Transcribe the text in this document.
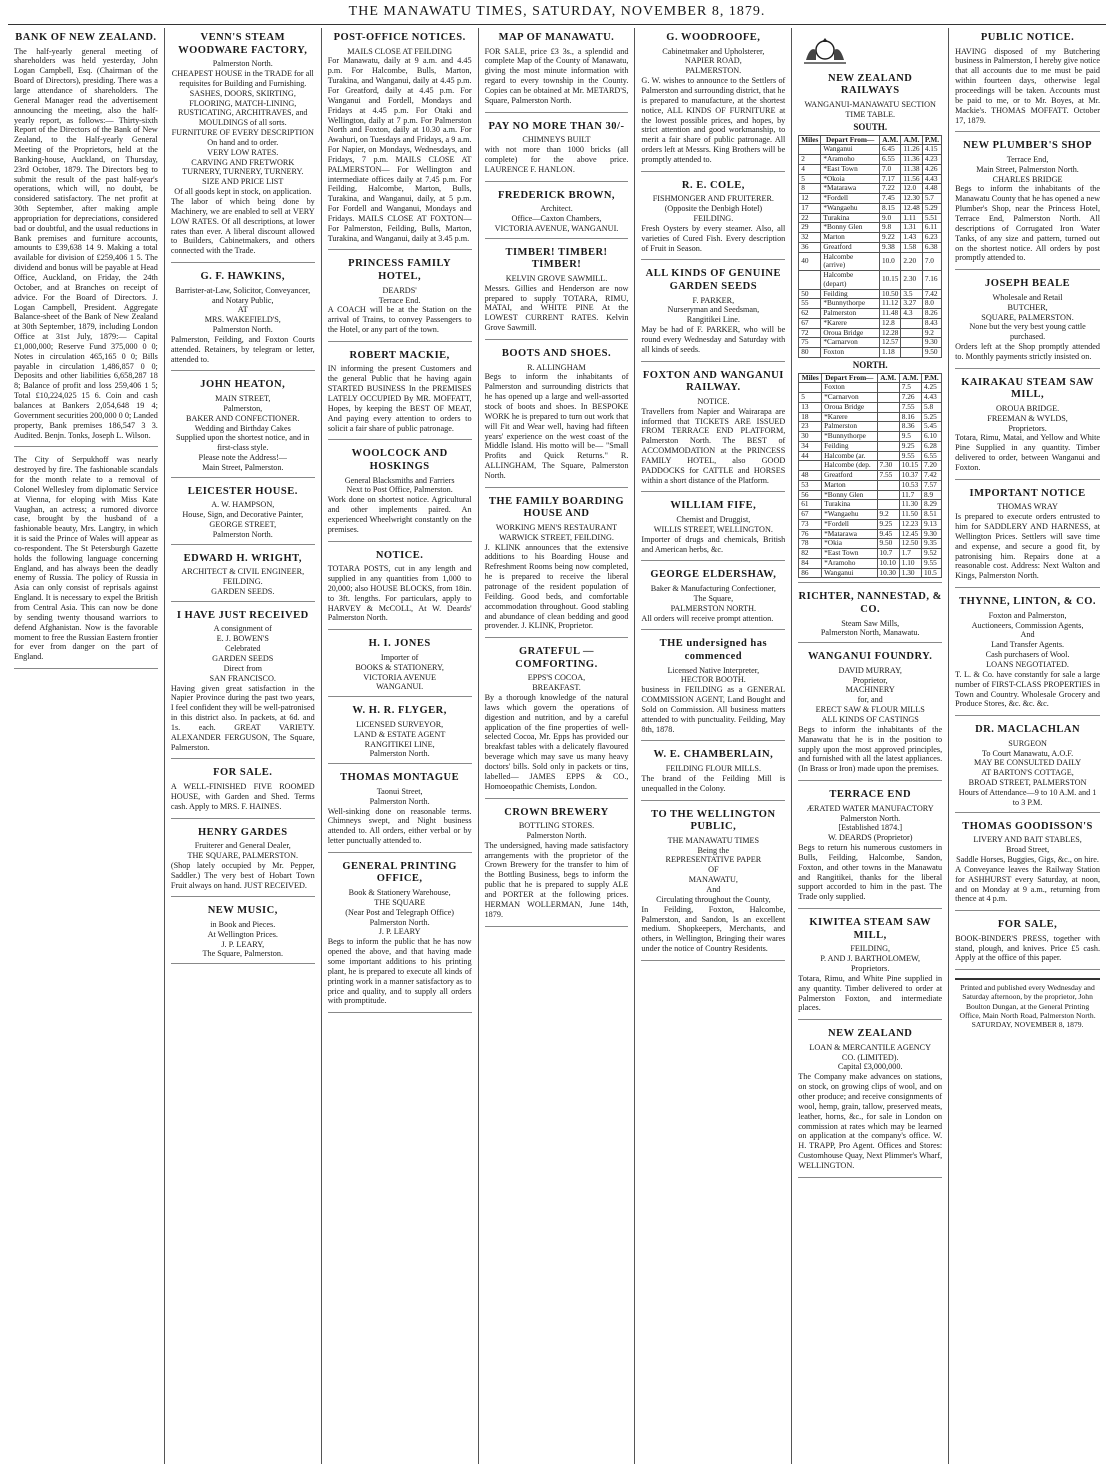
THE MANAWATU TIMES, SATURDAY, NOVEMBER 8, 1879.
BANK OF NEW ZEALAND.

The half-yearly general meeting of shareholders was held yesterday, John Logan Campbell, Esq. (Chairman of the Board of Directors), presiding. There was a large attendance of shareholders. The General Manager read the advertisement announcing the meeting, also the half-yearly report, as follows:— Thirty-sixth Report of the Directors of the Bank of New Zealand, to the Half-yearly General Meeting of the Proprietors, held at the Banking-house, Auckland, on Thursday, 23rd October, 1879. The Directors beg to submit the result of the past half-year's operations, which will, no doubt, be considered satisfactory. The net profit at 30th September, after making ample appropriation for depreciations, considered bad or doubtful, and the usual reductions in Bank premises and furniture accounts, amounts to £39,638 14 9. Making a total available for division of £259,406 1 5. The dividend and bonus will be payable at Head Office, Auckland, on Friday, the 24th October, and at Branches on receipt of advice. For the Board of Directors. J. Logan Campbell, President. Aggregate Balance-sheet of the Bank of New Zealand at 30th September, 1879, including London Office at 31st July, 1879:— Capital £1,000,000; Reserve Fund 375,000 0 0; Notes in circulation 465,165 0 0; Bills payable in circulation 1,486,857 0 0; Deposits and other liabilities 6,658,287 18 8; Balance of profit and loss 259,406 1 5; Total £10,224,025 15 6. Coin and cash balances at Bankers 2,054,648 19 4; Government securities 200,000 0 0; Landed property, Bank premises 186,547 3 3. Audited. Benjn. Tonks, Joseph L. Wilson.

The City of Serpukhoff was nearly destroyed by fire. The fashionable scandals for the month relate to a removal of Colonel Wellesley from diplomatic Service at Vienna, for eloping with Miss Kate Vaughan, an actress; a rumored divorce case, brought by the husband of a fashionable beauty, Mrs. Langtry, in which it is said the Prince of Wales will appear as co-respondent. The St Petersburgh Gazette holds the following language concerning England, and has always been the deadly enemy of Russia. The policy of Russia in Asia can only consist of reprisals against England. It is necessary to expel the British from Central Asia. This can now be done by sending twenty thousand warriors to defend Afghanistan. Now is the favorable moment to free the Russian Eastern frontier for ever from danger on the part of England.

VENN'S STEAM WOODWARE FACTORY,
Palmerston North.
CHEAPEST HOUSE in the TRADE for all requisites for Building and Furnishing.
SASHES, DOORS, SKIRTING, FLOORING, MATCH-LINING, RUSTICATING, ARCHITRAVES, and MOULDINGS of all sorts.
FURNITURE OF EVERY DESCRIPTION
On hand and to order.
VERY LOW RATES.
CARVING AND FRETWORK
TURNERY, TURNERY, TURNERY.
SIZE AND PRICE LIST
Of all goods kept in stock, on application.

The labor of which being done by Machinery, we are enabled to sell at VERY LOW RATES. Of all descriptions, at lower rates than ever. A liberal discount allowed to Builders, Cabinetmakers, and others connected with the Trade.

G. F. HAWKINS,
Barrister-at-Law, Solicitor, Conveyancer, and Notary Public,
AT
MRS. WAKEFIELD'S,
Palmerston North.

Palmerston, Feilding, and Foxton Courts attended. Retainers, by telegram or letter, attended to.

JOHN HEATON,
MAIN STREET,
Palmerston,
BAKER AND CONFECTIONER.
Wedding and Birthday Cakes
Supplied upon the shortest notice, and in first-class style.
Please note the Address!—
Main Street, Palmerston.
LEICESTER HOUSE.
A. W. HAMPSON,
House, Sign, and Decorative Painter,
GEORGE STREET,
Palmerston North.
EDWARD H. WRIGHT,
ARCHITECT & CIVIL ENGINEER,
FEILDING.
GARDEN SEEDS.
I HAVE JUST RECEIVED
A consignment of
E. J. BOWEN'S
Celebrated
GARDEN SEEDS
Direct from
SAN FRANCISCO.

Having given great satisfaction in the Napier Province during the past two years, I feel confident they will be well-patronised in this district also. In packets, at 6d. and 1s. each. GREAT VARIETY. ALEXANDER FERGUSON, The Square, Palmerston.

FOR SALE.

A WELL-FINISHED FIVE ROOMED HOUSE, with Garden and Shed. Terms cash. Apply to MRS. F. HAINES.

HENRY GARDES
Fruiterer and General Dealer,
THE SQUARE, PALMERSTON.

(Shop lately occupied by Mr. Pepper, Saddler.) The very best of Hobart Town Fruit always on hand. JUST RECEIVED.

NEW MUSIC,
in Book and Pieces.
At Wellington Prices.
J. P. LEARY,
The Square, Palmerston.
POST-OFFICE NOTICES.
MAILS CLOSE AT FEILDING

For Manawatu, daily at 9 a.m. and 4.45 p.m. For Halcombe, Bulls, Marton, Turakina, and Wanganui, daily at 4.45 p.m. For Greatford, daily at 4.45 p.m. For Wanganui and Fordell, Mondays and Fridays at 4.45 p.m. For Otaki and Wellington, daily at 7 p.m. For Palmerston North and Foxton, daily at 10.30 a.m. For Awahuri, on Tuesdays and Fridays, a 9 a.m. For Napier, on Mondays, Wednesdays, and Fridays, 7 p.m. MAILS CLOSE AT PALMERSTON— For Wellington and intermediate offices daily at 7.45 p.m. For Feilding, Halcombe, Marton, Bulls, Turakina, and Wanganui, daily, at 5 p.m. For Fordell and Wanganui, Mondays and Fridays. MAILS CLOSE AT FOXTON— For Palmerston, Feilding, Bulls, Marton, Turakina, and Wanganui, daily at 3.45 p.m.

PRINCESS FAMILY HOTEL,
DEARDS'
Terrace End.

A COACH will be at the Station on the arrival of Trains, to convey Passengers to the Hotel, or any part of the town.

ROBERT MACKIE,

IN informing the present Customers and the general Public that he having again STARTED BUSINESS In the PREMISES LATELY OCCUPIED By MR. MOFFATT, Hopes, by keeping the BEST OF MEAT, And paying every attention to orders to solicit a fair share of public patronage.

WOOLCOCK AND HOSKINGS
General Blacksmiths and Farriers
Next to Post Office, Palmerston.

Work done on shortest notice. Agricultural and other implements paired. An experienced Wheelwright constantly on the premises.

NOTICE.

TOTARA POSTS, cut in any length and supplied in any quantities from 1,000 to 20,000; also HOUSE BLOCKS, from 18in. to 3ft. lengths. For particulars, apply to HARVEY & McCOLL, At W. Deards' Palmerston North.

H. I. JONES
Importer of
BOOKS & STATIONERY,
VICTORIA AVENUE
WANGANUI.
W. H. R. FLYGER,
LICENSED SURVEYOR,
LAND & ESTATE AGENT
RANGITIKEI LINE,
Palmerston North.
THOMAS MONTAGUE
Taonui Street,
Palmerston North.

Well-sinking done on reasonable terms. Chimneys swept, and Night business attended to. All orders, either verbal or by letter punctually attended to.

GENERAL PRINTING OFFICE,
Book & Stationery Warehouse,
THE SQUARE
(Near Post and Telegraph Office)
Palmerston North.
J. P. LEARY

Begs to inform the public that he has now opened the above, and that having made some important additions to his printing plant, he is prepared to execute all kinds of printing work in a manner satisfactory as to price and quality, and to supply all orders with promptitude.

MAP OF MANAWATU.

FOR SALE, price £3 3s., a splendid and complete Map of the County of Manawatu, giving the most minute information with regard to every township in the County. Copies can be obtained at Mr. METARD'S, Square, Palmerston North.

PAY NO MORE THAN 30/-
CHIMNEYS BUILT

with not more than 1000 bricks (all complete) for the above price. LAURENCE F. HANLON.

FREDERICK BROWN,
Architect.
Office—Caxton Chambers,
VICTORIA AVENUE, WANGANUI.
TIMBER! TIMBER! TIMBER!
KELVIN GROVE SAWMILL.

Messrs. Gillies and Henderson are now prepared to supply TOTARA, RIMU, MATAI, and WHITE PINE At the LOWEST CURRENT RATES. Kelvin Grove Sawmill.

BOOTS AND SHOES.
R. ALLINGHAM

Begs to inform the inhabitants of Palmerston and surrounding districts that he has opened up a large and well-assorted stock of boots and shoes. In BESPOKE WORK he is prepared to turn out work that will Fit and Wear well, having had fifteen years' experience on the west coast of the Middle Island. His motto will be— "Small Profits and Quick Returns." R. ALLINGHAM, The Square, Palmerston North.

THE FAMILY BOARDING HOUSE AND
WORKING MEN'S RESTAURANT
WARWICK STREET, FEILDING.

J. KLINK announces that the extensive additions to his Boarding House and Refreshment Rooms being now completed, he is prepared to receive the liberal patronage of the resident population of Feilding. Good beds, and comfortable accommodation throughout. Good stabling and abundance of clean bedding and good provender. J. KLINK, Proprietor.

GRATEFUL — COMFORTING.
EPPS'S COCOA,
BREAKFAST.

By a thorough knowledge of the natural laws which govern the operations of digestion and nutrition, and by a careful application of the fine properties of well-selected Cocoa, Mr. Epps has provided our breakfast tables with a delicately flavoured beverage which may save us many heavy doctors' bills. Sold only in packets or tins, labelled— JAMES EPPS & CO., Homoeopathic Chemists, London.

CROWN BREWERY
BOTTLING STORES.
Palmerston North.

The undersigned, having made satisfactory arrangements with the proprietor of the Crown Brewery for the transfer to him of the Bottling Business, begs to inform the public that he is prepared to supply ALE and PORTER at the following prices. HERMAN WOLLERMAN, June 14th, 1879.

G. WOODROOFE,
Cabinetmaker and Upholsterer,
NAPIER ROAD,
PALMERSTON.

G. W. wishes to announce to the Settlers of Palmerston and surrounding district, that he is prepared to manufacture, at the shortest notice, ALL KINDS OF FURNITURE at the lowest possible prices, and hopes, by strict attention and good workmanship, to merit a fair share of public patronage. All orders left at Messrs. King Brothers will be promptly attended to.

R. E. COLE,
FISHMONGER AND FRUITERER.
(Opposite the Denbigh Hotel)
FEILDING.

Fresh Oysters by every steamer. Also, all varieties of Cured Fish. Every description of Fruit in Season.

ALL KINDS OF GENUINE GARDEN SEEDS
F. PARKER,
Nurseryman and Seedsman,
Rangitikei Line.

May be had of F. PARKER, who will be round every Wednesday and Saturday with all kinds of seeds.

FOXTON AND WANGANUI RAILWAY.
NOTICE.

Travellers from Napier and Wairarapa are informed that TICKETS ARE ISSUED FROM TERRACE END PLATFORM, Palmerston North. The BEST of ACCOMMODATION at the PRINCESS FAMILY HOTEL, also GOOD PADDOCKS for CATTLE and HORSES within a short distance of the Platform.

WILLIAM FIFE,
Chemist and Druggist,
WILLIS STREET, WELLINGTON.

Importer of drugs and chemicals, British and American herbs, &c.

GEORGE ELDERSHAW,
Baker & Manufacturing Confectioner,
The Square,
PALMERSTON NORTH.

All orders will receive prompt attention.

THE undersigned has commenced
Licensed Native Interpreter,
HECTOR BOOTH.

business in FEILDING as a GENERAL COMMISSION AGENT, Land Bought and Sold on Commission. All business matters attended to with punctuality. Feilding, May 8th, 1878.

W. E. CHAMBERLAIN,
FEILDING FLOUR MILLS.

The brand of the Feilding Mill is unequalled in the Colony.

TO THE WELLINGTON PUBLIC,
THE MANAWATU TIMES
Being the
REPRESENTATIVE PAPER
OF
MANAWATU,
And
Circulating throughout the County,

In Feilding, Foxton, Halcombe, Palmerston, and Sandon, Is an excellent medium. Shopkeepers, Merchants, and others, in Wellington, Bringing their wares under the notice of Country Residents.

NEW ZEALAND RAILWAYS
WANGANUI-MANAWATU SECTION
TIME TABLE.
SOUTH.
Miles	Depart From—	A.M.	A.M.	P.M.
	Wanganui	6.45	11.26	4.15
2	*Aramoho	6.55	11.36	4.23
4	*East Town	7.0	11.38	4.26
5	*Okoia	7.17	11.56	4.43
8	*Matarawa	7.22	12.0	4.48
12	*Fordell	7.45	12.30	5.7
17	*Wangaehu	8.15	12.48	5.29
22	Turakina	9.0	1.11	5.51
29	*Bonny Glen	9.8	1.31	6.11
32	Marton	9.22	1.43	6.23
36	Greatford	9.38	1.58	6.38
40	Halcombe (arrive)	10.0	2.20	7.0
	Halcombe (depart)	10.15	2.30	7.16
50	Feilding	10.50	3.5	7.42
55	*Bunnythorpe	11.12	3.27	8.0
62	Palmerston	11.48	4.3	8.26
67	*Karere	12.8		8.43
72	Oroua Bridge	12.28		9.2
75	*Carnarvon	12.57		9.30
80	Foxton	1.18		9.50
NORTH.
Miles	Depart From—	A.M.	A.M.	P.M.
	Foxton		7.5	4.25
5	*Carnarvon		7.26	4.43
13	Oroua Bridge		7.55	5.8
18	*Karere		8.16	5.25
23	Palmerston		8.36	5.45
30	*Bunnythorpe		9.5	6.10
34	Feilding		9.25	6.28
44	Halcombe (ar.		9.55	6.55
	Halcombe (dep.	7.30	10.15	7.20
48	Greatford	7.55	10.37	7.42
53	Marton		10.53	7.57
56	*Bonny Glen		11.7	8.9
61	Turakina		11.30	8.29
67	*Wangaehu	9.2	11.50	8.51
73	*Fordell	9.25	12.23	9.13
76	*Matarawa	9.45	12.45	9.30
78	*Okia	9.50	12.50	9.35
82	*East Town	10.7	1.7	9.52
84	*Aramoho	10.10	1.10	9.55
86	Wanganui	10.30	1.30	10.5
RICHTER, NANNESTAD, & CO.
Steam Saw Mills,
Palmerston North, Manawatu.
WANGANUI FOUNDRY.
DAVID MURRAY,
Proprietor,
MACHINERY
for, and
ERECT SAW & FLOUR MILLS
ALL KINDS OF CASTINGS

Begs to inform the inhabitants of the Manawatu that he is in the position to supply upon the most approved principles, and furnished with all the latest appliances. (In Brass or Iron) made upon the premises.

TERRACE END
ÆRATED WATER MANUFACTORY
Palmerston North.
[Established 1874.]
W. DEARDS (Proprietor)

Begs to return his numerous customers in Bulls, Feilding, Halcombe, Sandon, Foxton, and other towns in the Manawatu and Rangitikei, thanks for the liberal support accorded to him in the past. The Trade only supplied.

KIWITEA STEAM SAW MILL,
FEILDING,
P. AND J. BARTHOLOMEW,
Proprietors.

Totara, Rimu, and White Pine supplied in any quantity. Timber delivered to order at Palmerston Foxton, and intermediate places.

NEW ZEALAND
LOAN & MERCANTILE AGENCY
CO. (LIMITED).
Capital £3,000,000.

The Company make advances on stations, on stock, on growing clips of wool, and on other produce; and receive consignments of wool, hemp, grain, tallow, preserved meats, leather, horns, &c., for sale in London on commission at rates which may be learned on application at the company's office. W. H. TRAPP, Pro Agent. Offices and Stores: Customhouse Quay, Next Plimmer's Wharf, WELLINGTON.

PUBLIC NOTICE.

HAVING disposed of my Butchering business in Palmerston, I hereby give notice that all accounts due to me must be paid within fourteen days, otherwise legal proceedings will be taken. Accounts must be paid to me, or to Mr. Boyes, at Mr. Mackie's. THOMAS MOFFATT. October 17, 1879.

NEW PLUMBER'S SHOP
Terrace End,
Main Street, Palmerston North.
CHARLES BRIDGE

Begs to inform the inhabitants of the Manawatu County that he has opened a new Plumber's Shop, near the Princess Hotel, Terrace End, Palmerston North. All descriptions of Corrugated Iron Water Tanks, of any size and pattern, turned out on the shortest notice. All orders by post promptly attended to.

JOSEPH BEALE
Wholesale and Retail
BUTCHER,
SQUARE, PALMERSTON.
None but the very best young cattle purchased.

Orders left at the Shop promptly attended to. Monthly payments strictly insisted on.

KAIRAKAU STEAM SAW MILL,
OROUA BRIDGE.
FREEMAN & WYLDS,
Proprietors.

Totara, Rimu, Matai, and Yellow and White Pine Supplied in any quantity. Timber delivered to order, between Wanganui and Foxton.

IMPORTANT NOTICE
THOMAS WRAY

Is prepared to execute orders entrusted to him for SADDLERY AND HARNESS, at Wellington Prices. Settlers will save time and expense, and secure a good fit, by patronising him. Repairs done at a reasonable cost. Address: Next Walton and Kings, Palmerston North.

THYNNE, LINTON, & CO.
Foxton and Palmerston,
Auctioneers, Commission Agents,
And
Land Transfer Agents.
Cash purchasers of Wool.
LOANS NEGOTIATED.

T. L. & Co. have constantly for sale a large number of FIRST-CLASS PROPERTIES in Town and Country. Wholesale Grocery and Produce Stores, &c. &c. &c.

DR. MACLACHLAN
SURGEON
To Court Manawatu, A.O.F.
MAY BE CONSULTED DAILY
AT BARTON'S COTTAGE,
BROAD STREET, PALMERSTON
Hours of Attendance—9 to 10 A.M. and 1 to 3 P.M.
THOMAS GOODISSON'S
LIVERY AND BAIT STABLES,
Broad Street,
Saddle Horses, Buggies, Gigs, &c., on hire.

A Conveyance leaves the Railway Station for ASHHURST every Saturday, at noon, and on Monday at 9 a.m., returning from thence at 4 p.m.

FOR SALE,

BOOK-BINDER'S PRESS, together with stand, plough, and knives. Price £5 cash. Apply at the office of this paper.

Printed and published every Wednesday and Saturday afternoon, by the proprietor, John Boulton Dungan, at the General Printing Office, Main North Road, Palmerston North. SATURDAY, NOVEMBER 8, 1879.
